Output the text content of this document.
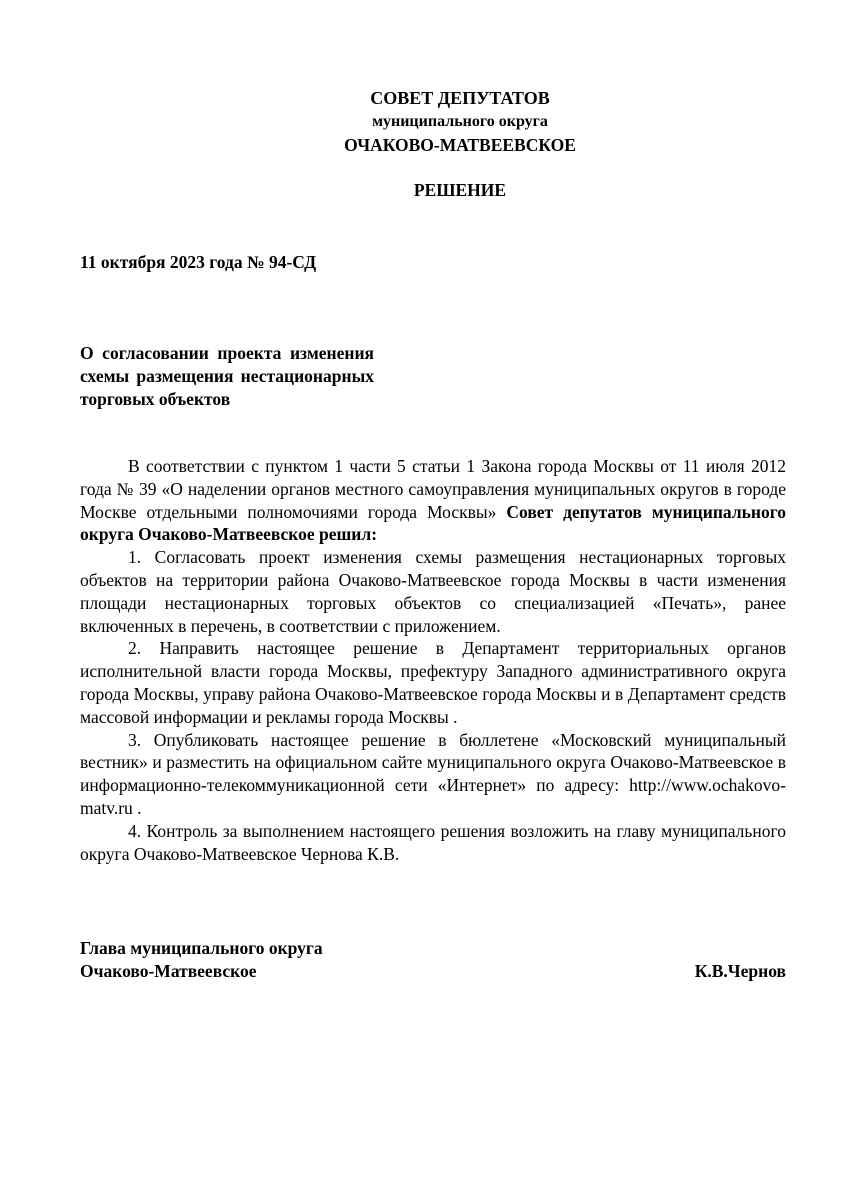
СОВЕТ ДЕПУТАТОВ
муниципального округа
ОЧАКОВО-МАТВЕЕВСКОЕ
РЕШЕНИЕ
11 октября 2023 года № 94-СД
О согласовании проекта изменения схемы размещения нестационарных торговых объектов

В соответствии с пунктом 1 части 5 статьи 1 Закона города Москвы от 11 июля 2012 года № 39 «О наделении органов местного самоуправления муниципальных округов в городе Москве отдельными полномочиями города Москвы» Совет депутатов муниципального округа Очаково-Матвеевское решил:

1. Согласовать проект изменения схемы размещения нестационарных торговых объектов на территории района Очаково-Матвеевское города Москвы в части изменения площади нестационарных торговых объектов со специализацией «Печать», ранее включенных в перечень, в соответствии с приложением.

2. Направить настоящее решение в Департамент территориальных органов исполнительной власти города Москвы, префектуру Западного административного округа города Москвы, управу района Очаково-Матвеевское города Москвы и в Департамент средств массовой информации и рекламы города Москвы .

3. Опубликовать настоящее решение в бюллетене «Московский муниципальный вестник» и разместить на официальном сайте муниципального округа Очаково-Матвеевское в информационно-телекоммуникационной сети «Интернет» по адресу: http://www.ochakovo-matv.ru .

4. Контроль за выполнением настоящего решения возложить на главу муниципального округа Очаково-Матвеевское Чернова К.В.

Глава муниципального округа
Очаково-Матвеевское	К.В.Чернов
